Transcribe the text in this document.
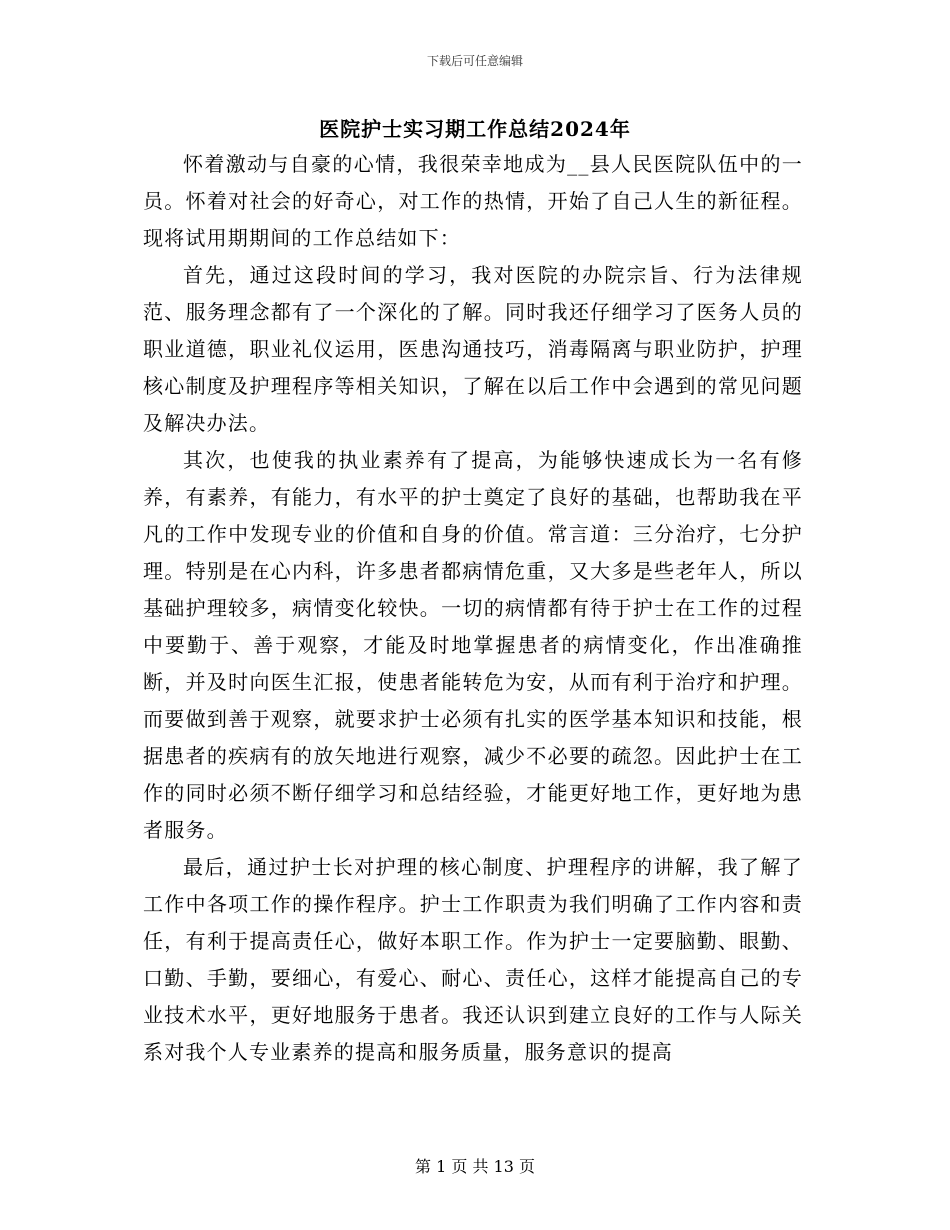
下载后可任意编辑
医院护士实习期工作总结2024年

怀着激动与自豪的心情，我很荣幸地成为__县人民医院队伍中的一员。怀着对社会的好奇心，对工作的热情，开始了自己人生的新征程。现将试用期期间的工作总结如下：

首先，通过这段时间的学习，我对医院的办院宗旨、行为法律规范、服务理念都有了一个深化的了解。同时我还仔细学习了医务人员的职业道德，职业礼仪运用，医患沟通技巧，消毒隔离与职业防护，护理核心制度及护理程序等相关知识，了解在以后工作中会遇到的常见问题及解决办法。

其次，也使我的执业素养有了提高，为能够快速成长为一名有修养，有素养，有能力，有水平的护士奠定了良好的基础，也帮助我在平凡的工作中发现专业的价值和自身的价值。常言道：三分治疗，七分护理。特别是在心内科，许多患者都病情危重，又大多是些老年人，所以基础护理较多，病情变化较快。一切的病情都有待于护士在工作的过程中要勤于、善于观察，才能及时地掌握患者的病情变化，作出准确推断，并及时向医生汇报，使患者能转危为安，从而有利于治疗和护理。而要做到善于观察，就要求护士必须有扎实的医学基本知识和技能，根据患者的疾病有的放矢地进行观察，减少不必要的疏忽。因此护士在工作的同时必须不断仔细学习和总结经验，才能更好地工作，更好地为患者服务。

最后，通过护士长对护理的核心制度、护理程序的讲解，我了解了工作中各项工作的操作程序。护士工作职责为我们明确了工作内容和责任，有利于提高责任心，做好本职工作。作为护士一定要脑勤、眼勤、口勤、手勤，要细心，有爱心、耐心、责任心，这样才能提高自己的专业技术水平，更好地服务于患者。我还认识到建立良好的工作与人际关系对我个人专业素养的提高和服务质量，服务意识的提高

第 1 页 共 13 页
